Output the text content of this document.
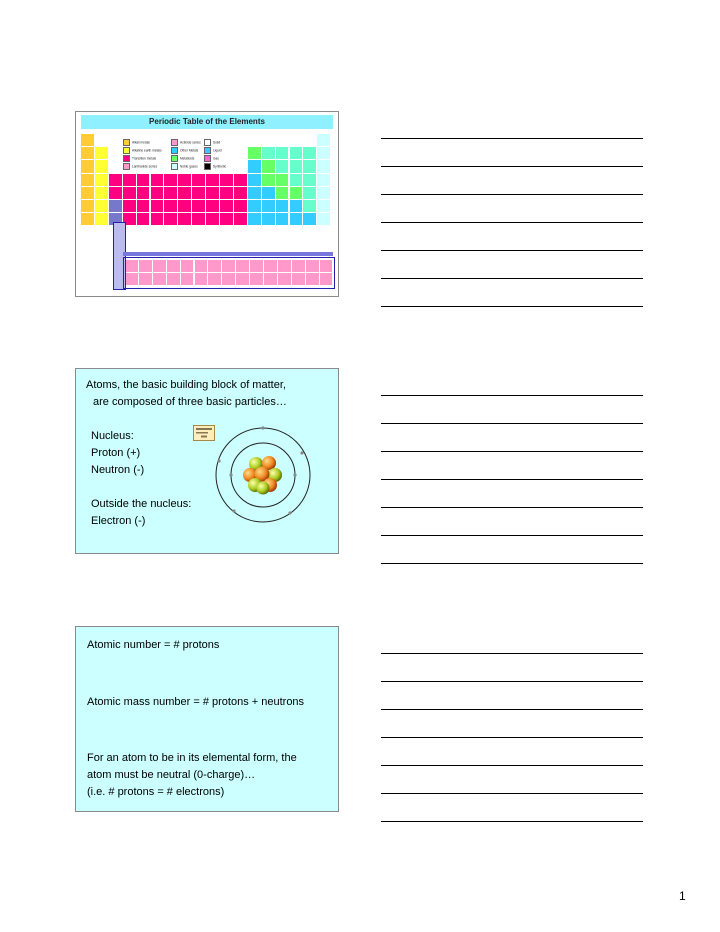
Periodic Table of the Elements
Alkali metals
Alkaline earth metals
Transition metals
Lanthanide series
Actinide series
Other Metals
Metalloids
Noble gases
Solid
Liquid
Gas
Synthetic
Atoms, the basic building block of matter,
are composed of three basic particles…
Nucleus:
Proton (+)
Neutron (-)
Outside the nucleus:
Electron (-)
Atomic number = # protons
Atomic mass number = # protons + neutrons
For an atom to be in its elemental form, the
atom must be neutral (0-charge)…
(i.e. # protons = # electrons)
1
